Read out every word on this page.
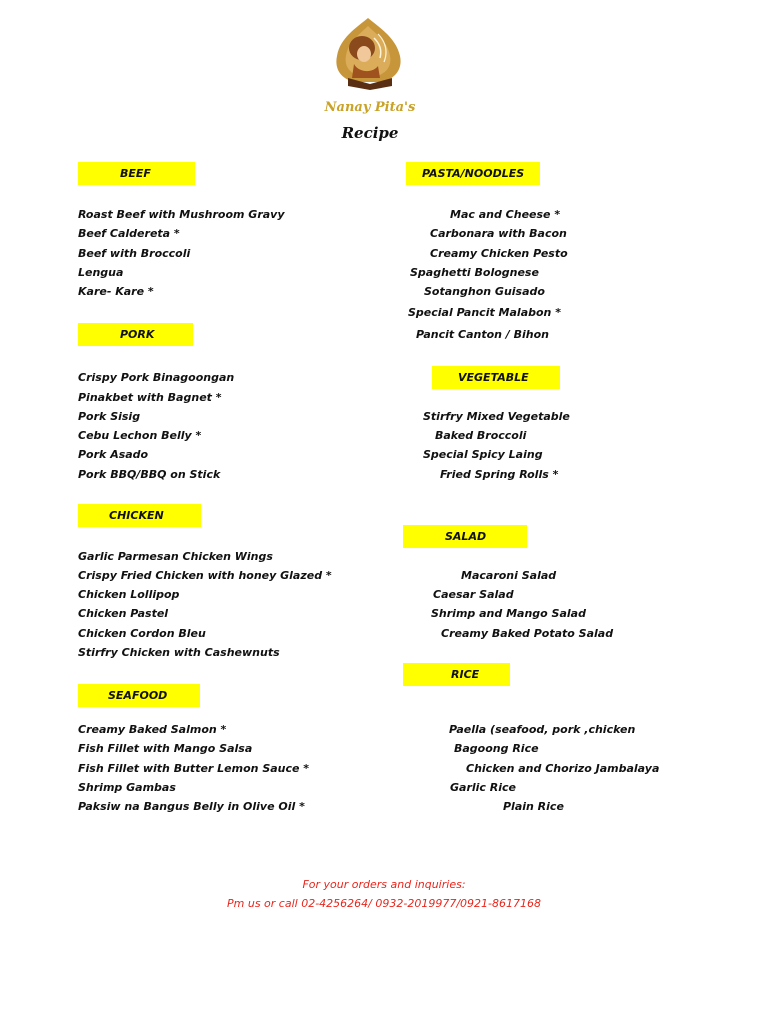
Nanay Pita's
Recipe
BEEF
Roast Beef with Mushroom Gravy
Beef Caldereta *
Beef with Broccoli
Lengua
Kare- Kare *
PORK
Crispy Pork Binagoongan
Pinakbet with Bagnet *
Pork Sisig
Cebu Lechon Belly *
Pork Asado
Pork BBQ/BBQ on Stick
CHICKEN
Garlic Parmesan Chicken Wings
Crispy Fried Chicken with honey Glazed *
Chicken Lollipop
Chicken Pastel
Chicken Cordon Bleu
Stirfry Chicken with Cashewnuts
SEAFOOD
Creamy Baked Salmon *
Fish Fillet with Mango Salsa
Fish Fillet with Butter Lemon Sauce *
Shrimp Gambas
Paksiw na Bangus Belly in Olive Oil *
PASTA/NOODLES
Mac and Cheese *
Carbonara with Bacon
Creamy Chicken Pesto
Spaghetti Bolognese
Sotanghon Guisado
Special Pancit Malabon *
Pancit Canton / Bihon
VEGETABLE
Stirfry Mixed Vegetable
Baked Broccoli
Special Spicy Laing
Fried Spring Rolls *
SALAD
Macaroni Salad
Caesar Salad
Shrimp and Mango Salad
Creamy Baked Potato Salad
RICE
Paella (seafood, pork ,chicken
Bagoong Rice
Chicken and Chorizo Jambalaya
Garlic Rice
Plain Rice
For your orders and inquiries:
Pm us or call 02-4256264/ 0932-2019977/0921-8617168
